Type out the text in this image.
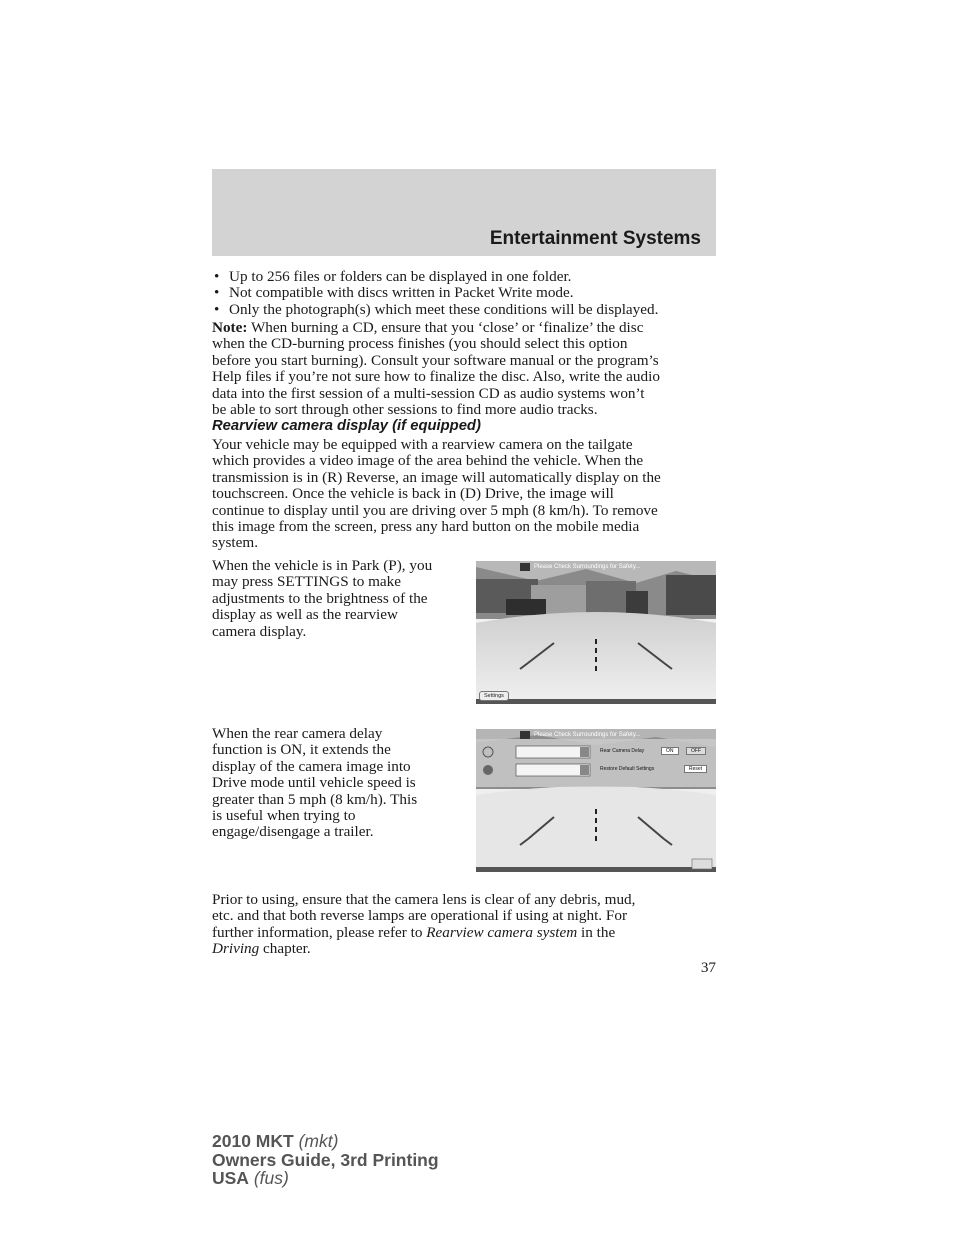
Entertainment Systems
• Up to 256 files or folders can be displayed in one folder.
• Not compatible with discs written in Packet Write mode.
• Only the photograph(s) which meet these conditions will be displayed.
Note: When burning a CD, ensure that you ‘close’ or ‘finalize’ the disc
when the CD-burning process finishes (you should select this option
before you start burning). Consult your software manual or the program’s
Help files if you’re not sure how to finalize the disc. Also, write the audio
data into the first session of a multi-session CD as audio systems won’t
be able to sort through other sessions to find more audio tracks.
Rearview camera display (if equipped)
Your vehicle may be equipped with a rearview camera on the tailgate
which provides a video image of the area behind the vehicle. When the
transmission is in (R) Reverse, an image will automatically display on the
touchscreen. Once the vehicle is back in (D) Drive, the image will
continue to display until you are driving over 5 mph (8 km/h). To remove
this image from the screen, press any hard button on the mobile media
system.
When the vehicle is in Park (P), you
may press SETTINGS to make
adjustments to the brightness of the
display as well as the rearview
camera display.
Please Check Surroundings for Safety...
Settings
When the rear camera delay
function is ON, it extends the
display of the camera image into
Drive mode until vehicle speed is
greater than 5 mph (8 km/h). This
is useful when trying to
engage/disengage a trailer.
Please Check Surroundings for Safety...
Rear Camera Delay	ON	OFF
Restore Default Settings	Reset
Prior to using, ensure that the camera lens is clear of any debris, mud,
etc. and that both reverse lamps are operational if using at night. For
further information, please refer to Rearview camera system in the
Driving chapter.
37
2010 MKT (mkt)
Owners Guide, 3rd Printing
USA (fus)
